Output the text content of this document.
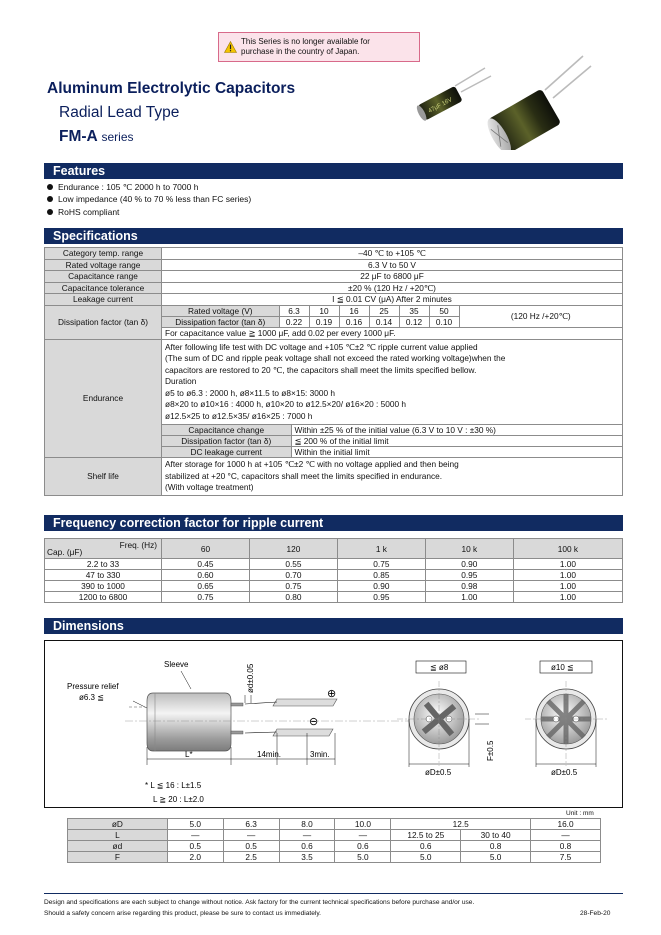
This Series is no longer available for
purchase in the country of Japan.
Aluminum Electrolytic Capacitors
Radial Lead Type
FM-A series
47μF 16V
Features
Endurance : 105 ℃ 2000 h to 7000 h
Low impedance (40 % to 70 % less than FC series)
RoHS compliant
Specifications
Category temp. range	–40 ℃ to +105 ℃
Rated voltage range	6.3 V to 50 V
Capacitance range	22 μF to 6800 μF
Capacitance tolerance	±20 % (120 Hz / +20℃)
Leakage current	I ≦ 0.01 CV (μA) After 2 minutes
Dissipation factor (tan δ)	
Rated voltage (V)	6.3	10	16	25	35	50	(120 Hz /+20℃)
Dissipation factor (tan δ)	0.22	0.19	0.16	0.14	0.12	0.10
For capacitance value ≧ 1000 μF, add 0.02 per every 1000 μF.

Endurance	
After following life test with DC voltage and +105 ℃±2 ℃ ripple current value applied
(The sum of DC and ripple peak voltage shall not exceed the rated working voltage)when the
capacitors are restored to 20 ℃, the capacitors shall meet the limits specified bellow.
Duration
ø5 to ø6.3 : 2000 h, ø8×11.5 to ø8×15: 3000 h
ø8×20 to ø10×16 : 4000 h, ø10×20 to ø12.5×20/ ø16×20 : 5000 h
ø12.5×25 to ø12.5×35/ ø16×25 : 7000 h
Capacitance change	Within ±25 % of the initial value (6.3 V to 10 V : ±30 %)
Dissipation factor (tan δ)	≦ 200 % of the initial limit
DC leakage current	Within the initial limit

Shelf life	
After storage for 1000 h at +105 ℃±2 ℃ with no voltage applied and then being
stabilized at +20 °C, capacitors shall meet the limits specified in endurance.
(With voltage treatment)
Frequency correction factor for ripple current
Freq. (Hz)
Cap. (μF)	60	120	1 k	10 k	100 k
2.2 to 33	0.45	0.55	0.75	0.90	1.00
47 to 330	0.60	0.70	0.85	0.95	1.00
390 to 1000	0.65	0.75	0.90	0.98	1.00
1200 to 6800	0.75	0.80	0.95	1.00	1.00
Dimensions
Sleeve
Pressure relief
ø6.3 ≦	⊕
⊖
ød±0.05
L*	14min.	3min.
* L ≦ 16 : L±1.5
L ≧ 20 : L±2.0
≦ ø8
F±0.5
øD±0.5
ø10 ≦
øD±0.5
Unit : mm
øD	5.0	6.3	8.0	10.0	12.5		16.0
L	—	—	—	—	12.5 to 25	30 to 40	—
ød	0.5	0.5	0.6	0.6	0.6	0.8	0.8
F	2.0	2.5	3.5	5.0	5.0	5.0	7.5
Design and specifications are each subject to change without notice. Ask factory for the current technical specifications before purchase and/or use.
Should a safety concern arise regarding this product, please be sure to contact us immediately.	28-Feb-20
